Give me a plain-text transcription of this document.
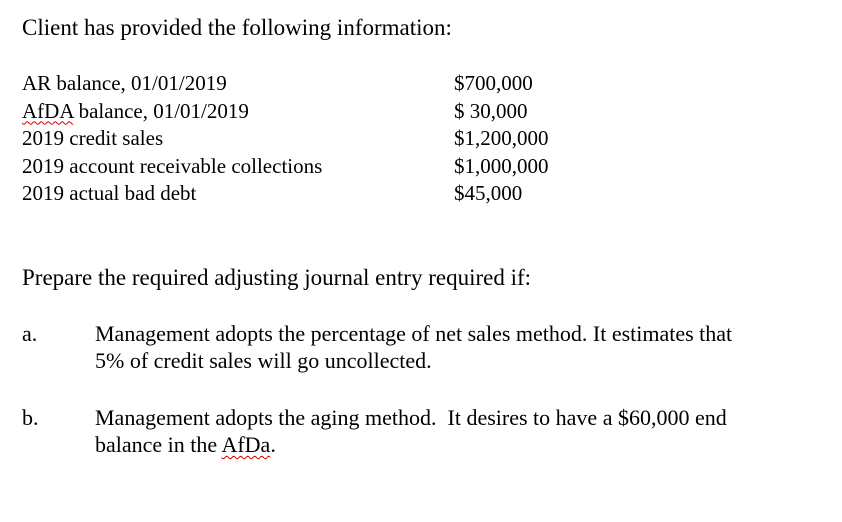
Client has provided the following information:
AR balance, 01/01/2019	$700,000
AfDA balance, 01/01/2019	$ 30,000
2019 credit sales	$1,200,000
2019 account receivable collections	$1,000,000
2019 actual bad debt	$45,000
Prepare the required adjusting journal entry required if:
a.	Management adopts the percentage of net sales method. It estimates that
5% of credit sales will go uncollected.
b.	Management adopts the aging method.  It desires to have a $60,000 end
balance in the AfDa.
